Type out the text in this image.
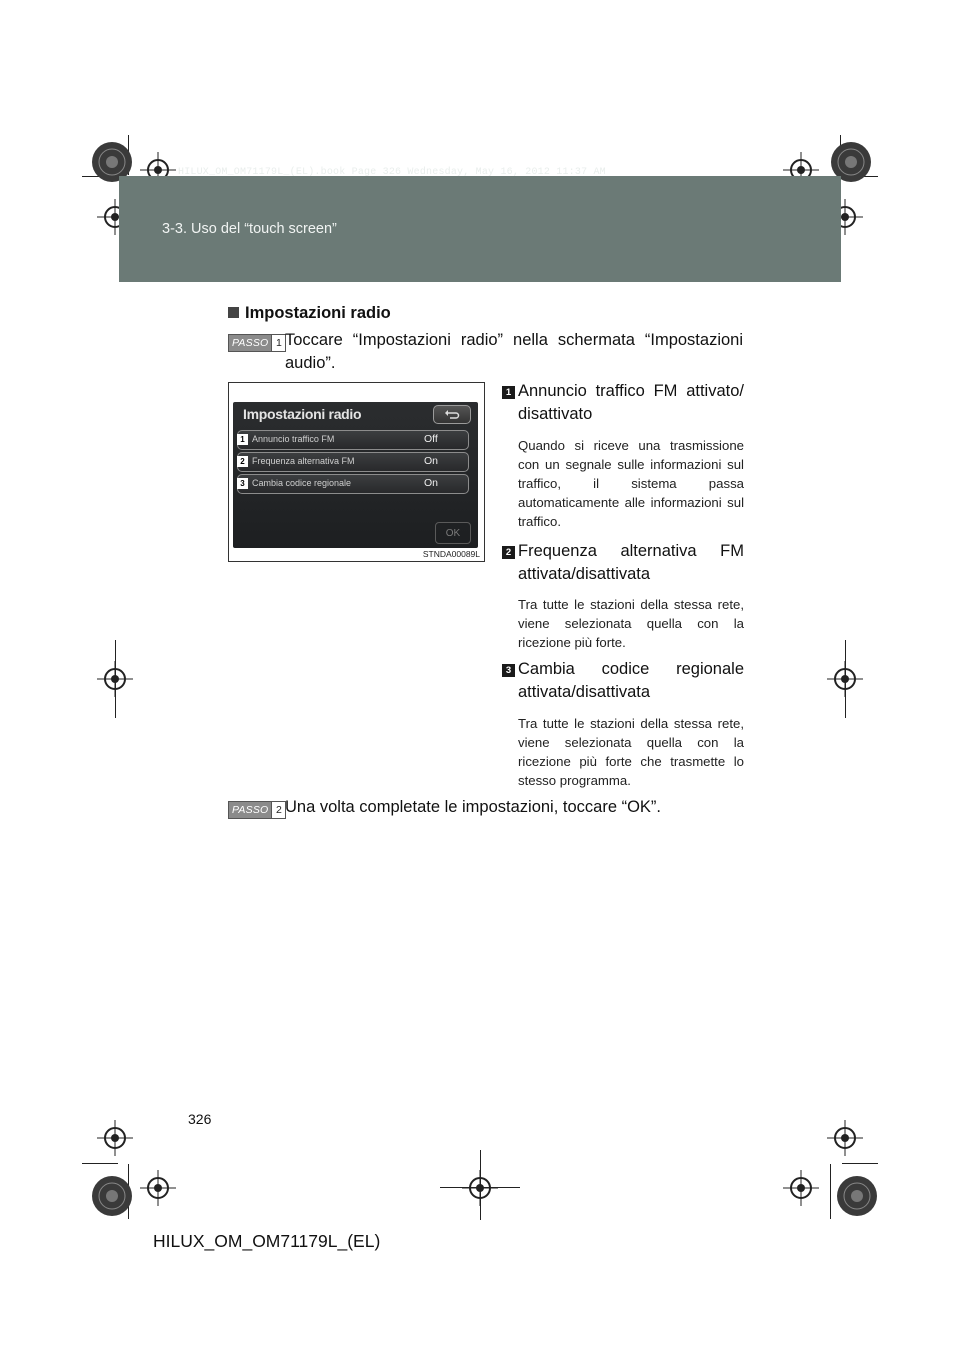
HILUX_OM_OM71179L_(EL).book Page 326 Wednesday, May 16, 2012 11:37 AM
3-3. Uso del “touch screen”
Impostazioni radio
PASSO 1 Toccare “Impostazioni radio” nella schermata “Impostazioni audio”.
Impostazioni radio
1 Annuncio traffico FM	Off
2 Frequenza alternativa FM	On
3 Cambia codice regionale	On
OK
STNDA00089L
1 Annuncio traffico FM attivato/ disattivato
Quando si riceve una trasmissione con un segnale sulle informazioni sul traffico, il sistema passa automaticamente alle informazioni sul traffico.
2 Frequenza alternativa FM attivata/disattivata
Tra tutte le stazioni della stessa rete, viene selezionata quella con la ricezione più forte.
3 Cambia codice regionale attivata/disattivata
Tra tutte le stazioni della stessa rete, viene selezionata quella con la ricezione più forte che trasmette lo stesso programma.
PASSO 2 Una volta completate le impostazioni, toccare “OK”.
326
HILUX_OM_OM71179L_(EL)
